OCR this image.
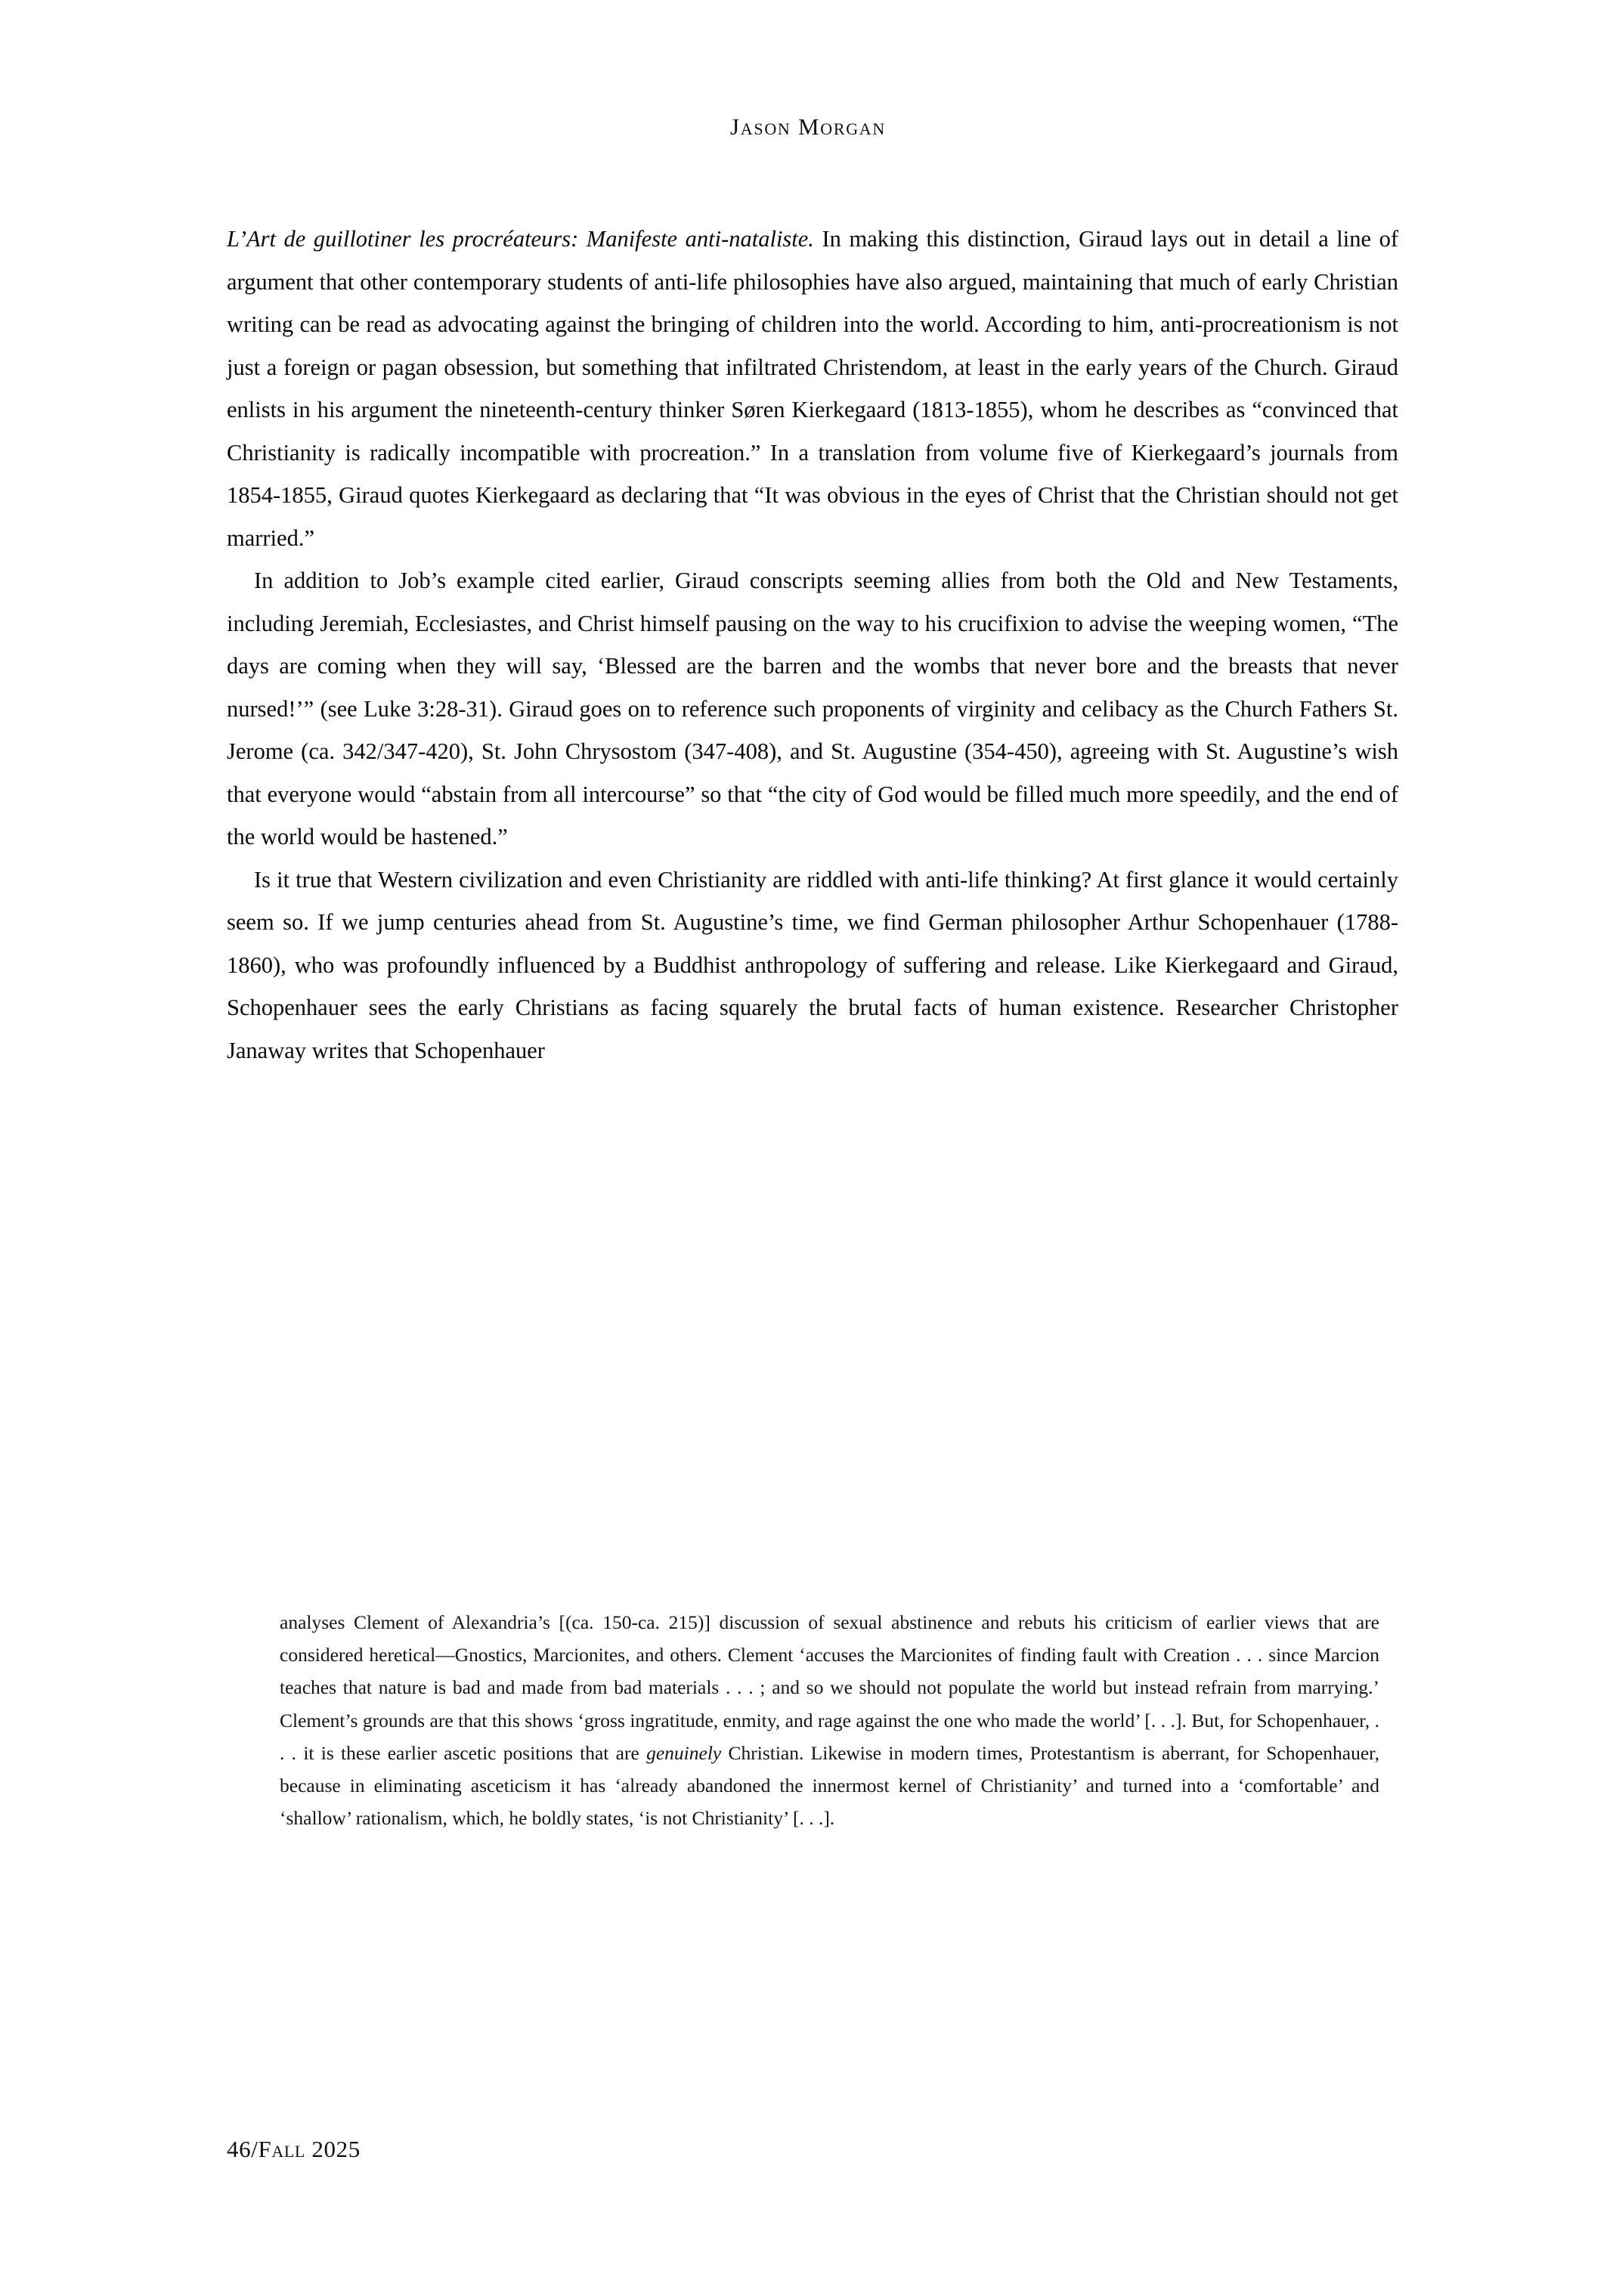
Jason Morgan

L’Art de guillotiner les procréateurs: Manifeste anti-nataliste. In making this distinction, Giraud lays out in detail a line of argument that other contemporary students of anti-life philosophies have also argued, maintaining that much of early Christian writing can be read as advocating against the bringing of children into the world. According to him, anti-procreationism is not just a foreign or pagan obsession, but something that infiltrated Christendom, at least in the early years of the Church. Giraud enlists in his argument the nineteenth-century thinker Søren Kierkegaard (1813-1855), whom he describes as “convinced that Christianity is radically incompatible with procreation.” In a translation from volume five of Kierkegaard’s journals from 1854-1855, Giraud quotes Kierkegaard as declaring that “It was obvious in the eyes of Christ that the Christian should not get married.”

In addition to Job’s example cited earlier, Giraud conscripts seeming allies from both the Old and New Testaments, including Jeremiah, Ecclesiastes, and Christ himself pausing on the way to his crucifixion to advise the weeping women, “The days are coming when they will say, ‘Blessed are the barren and the wombs that never bore and the breasts that never nursed!’” (see Luke 3:28-31). Giraud goes on to reference such proponents of virginity and celibacy as the Church Fathers St. Jerome (ca. 342/347-420), St. John Chrysostom (347-408), and St. Augustine (354-450), agreeing with St. Augustine’s wish that everyone would “abstain from all intercourse” so that “the city of God would be filled much more speedily, and the end of the world would be hastened.”

Is it true that Western civilization and even Christianity are riddled with anti-life thinking? At first glance it would certainly seem so. If we jump centuries ahead from St. Augustine’s time, we find German philosopher Arthur Schopenhauer (1788-1860), who was profoundly influenced by a Buddhist anthropology of suffering and release. Like Kierkegaard and Giraud, Schopenhauer sees the early Christians as facing squarely the brutal facts of human existence. Researcher Christopher Janaway writes that Schopenhauer

analyses Clement of Alexandria’s [(ca. 150-ca. 215)] discussion of sexual abstinence and rebuts his criticism of earlier views that are considered heretical—Gnostics, Marcionites, and others. Clement ‘accuses the Marcionites of finding fault with Creation . . . since Marcion teaches that nature is bad and made from bad materials . . . ; and so we should not populate the world but instead refrain from marrying.’ Clement’s grounds are that this shows ‘gross ingratitude, enmity, and rage against the one who made the world’ [. . .]. But, for Schopenhauer, . . . it is these earlier ascetic positions that are genuinely Christian. Likewise in modern times, Protestantism is aberrant, for Schopenhauer, because in eliminating asceticism it has ‘already abandoned the innermost kernel of Christianity’ and turned into a ‘comfortable’ and ‘shallow’ rationalism, which, he boldly states, ‘is not Christianity’ [. . .].

46/Fall 2025
